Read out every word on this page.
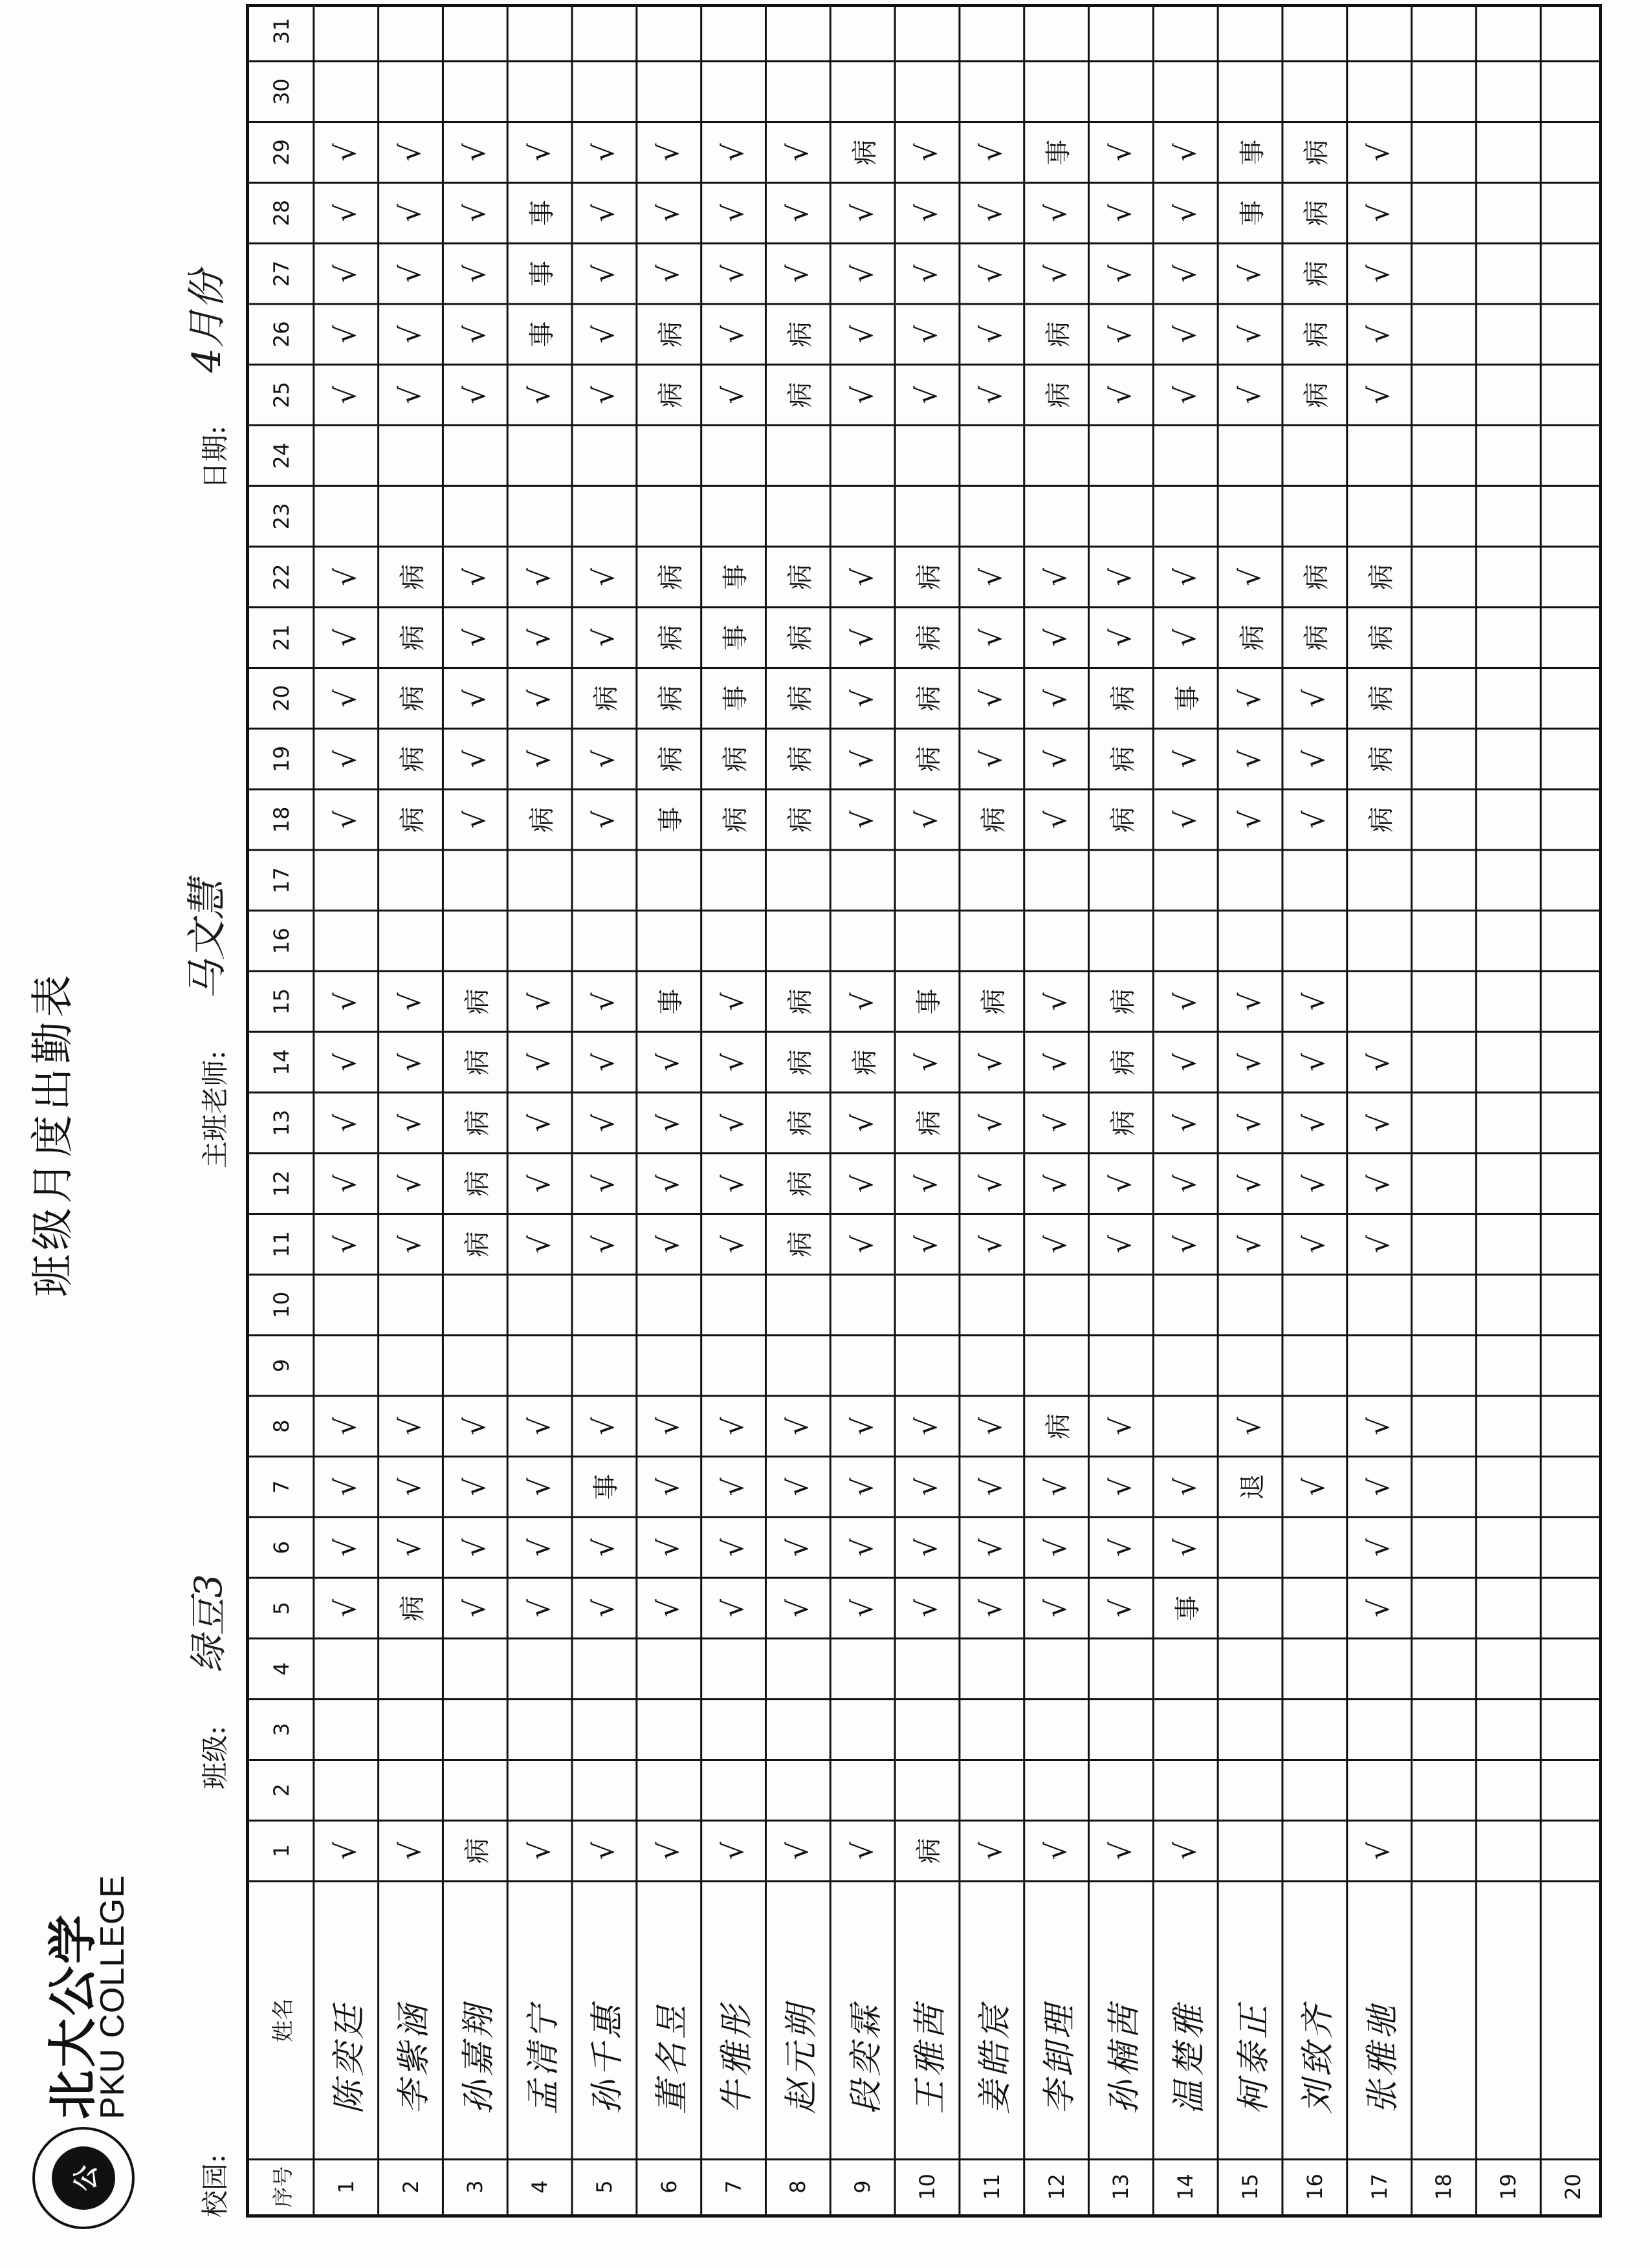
公
北大公学
PKU COLLEGE
班级月度出勤表
校园:
班级:
绿豆3
主班老师:
马文慧
日期:
4月份
序号
姓名
1
2
3
4
5
6
7
8
9
10
11
12
13
14
15
16
17
18
19
20
21
22
23
24
25
26
27
28
29
30
31
1
陈奕廷
√
√
√
√
√
√
√
√
√
√
√
√
√
√
√
√
√
√
√
√
2
李紫涵
√
病
√
√
√
√
√
√
√
√
病
病
病
病
病
√
√
√
√
√
3
孙嘉翔
病
√
√
√
√
病
病
病
病
病
√
√
√
√
√
√
√
√
√
√
4
孟清宁
√
√
√
√
√
√
√
√
√
√
病
√
√
√
√
√
事
事
事
√
5
孙千惠
√
√
√
事
√
√
√
√
√
√
√
√
病
√
√
√
√
√
√
√
6
董名昱
√
√
√
√
√
√
√
√
√
事
事
病
病
病
病
病
病
√
√
√
7
牛雅彤
√
√
√
√
√
√
√
√
√
√
病
病
事
事
事
√
√
√
√
√
8
赵元朔
√
√
√
√
√
病
病
病
病
病
病
病
病
病
病
病
病
√
√
√
9
段奕霖
√
√
√
√
√
√
√
√
病
√
√
√
√
√
√
√
√
√
√
病
10
王雅茜
病
√
√
√
√
√
√
病
√
事
√
病
病
病
病
√
√
√
√
√
11
姜皓宸
√
√
√
√
√
√
√
√
√
病
病
√
√
√
√
√
√
√
√
√
12
李卸理
√
√
√
√
病
√
√
√
√
√
√
√
√
√
√
病
病
√
√
事
13
孙楠茜
√
√
√
√
√
√
√
病
病
病
病
病
病
√
√
√
√
√
√
√
14
温楚雅
√
事
√
√
√
√
√
√
√
√
√
事
√
√
√
√
√
√
√
15
柯泰正
退
√
√
√
√
√
√
√
√
√
病
√
√
√
√
事
事
16
刘致齐
√
√
√
√
√
√
√
√
√
病
病
病
病
病
病
病
17
张雅驰
√
√
√
√
√
√
√
√
√
病
病
病
病
病
√
√
√
√
√
18	19	20
